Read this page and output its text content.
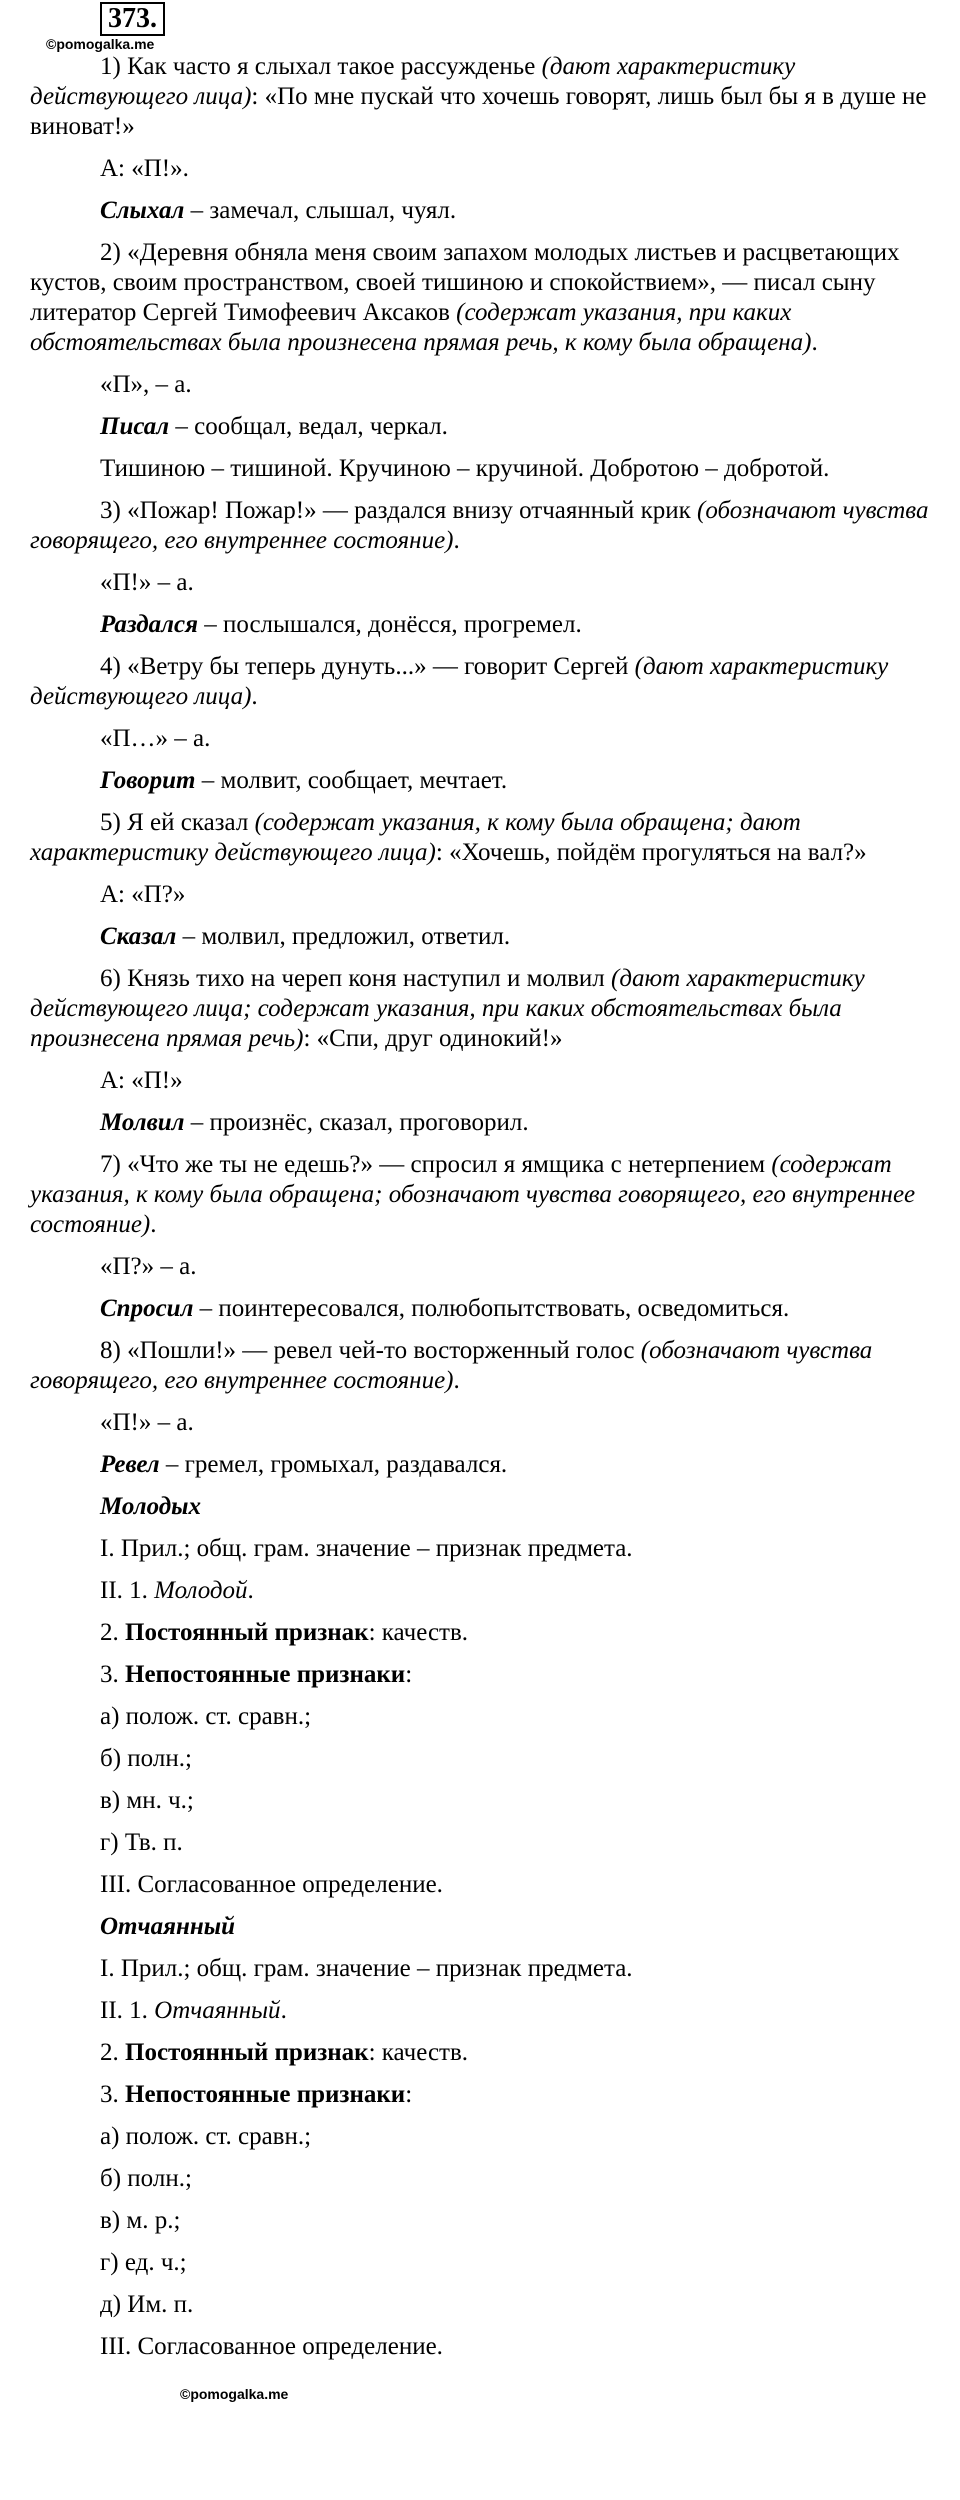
373.
©pomogalka.me

1) Как часто я слыхал такое рассужденье (дают характеристику действующего лица): «По мне пускай что хочешь говорят, лишь был бы я в душе не виноват!»

А: «П!».

Слыхал – замечал, слышал, чуял.

2) «Деревня обняла меня своим запахом молодых листьев и расцветающих кустов, своим пространством, своей тишиною и спокойствием», — писал сыну литератор Сергей Тимофеевич Аксаков (содержат указания, при каких обстоятельствах была произнесена прямая речь, к кому была обращена).

«П», – а.

Писал – сообщал, ведал, черкал.

Тишиною – тишиной. Кручиною – кручиной. Добротою – добротой.

3) «Пожар! Пожар!» — раздался внизу отчаянный крик (обозначают чувства говорящего, его внутреннее состояние).

«П!» – а.

Раздался – послышался, донёсся, прогремел.

4) «Ветру бы теперь дунуть...» — говорит Сергей (дают характеристику действующего лица).

«П…» – а.

Говорит – молвит, сообщает, мечтает.

5) Я ей сказал (содержат указания, к кому была обращена; дают характеристику действующего лица): «Хочешь, пойдём прогуляться на вал?»

А: «П?»

Сказал – молвил, предложил, ответил.

6) Князь тихо на череп коня наступил и молвил (дают характеристику действующего лица; содержат указания, при каких обстоятельствах была произнесена прямая речь): «Спи, друг одинокий!»

А: «П!»

Молвил – произнёс, сказал, проговорил.

7) «Что же ты не едешь?» — спросил я ямщика с нетерпением (содержат указания, к кому была обращена; обозначают чувства говорящего, его внутреннее состояние).

«П?» – а.

Спросил – поинтересовался, полюбопытствовать, осведомиться.

8) «Пошли!» — ревел чей-то восторженный голос (обозначают чувства говорящего, его внутреннее состояние).

«П!» – а.

Ревел – гремел, громыхал, раздавался.

Молодых

I. Прил.; общ. грам. значение – признак предмета.

II. 1. Молодой.

2. Постоянный признак: качеств.

3. Непостоянные признаки:

а) полож. ст. сравн.;

б) полн.;

в) мн. ч.;

г) Тв. п.

III. Согласованное определение.

Отчаянный

I. Прил.; общ. грам. значение – признак предмета.

II. 1. Отчаянный.

2. Постоянный признак: качеств.

3. Непостоянные признаки:

а) полож. ст. сравн.;

б) полн.;

в) м. р.;

г) ед. ч.;

д) Им. п.

III. Согласованное определение.

©pomogalka.me
